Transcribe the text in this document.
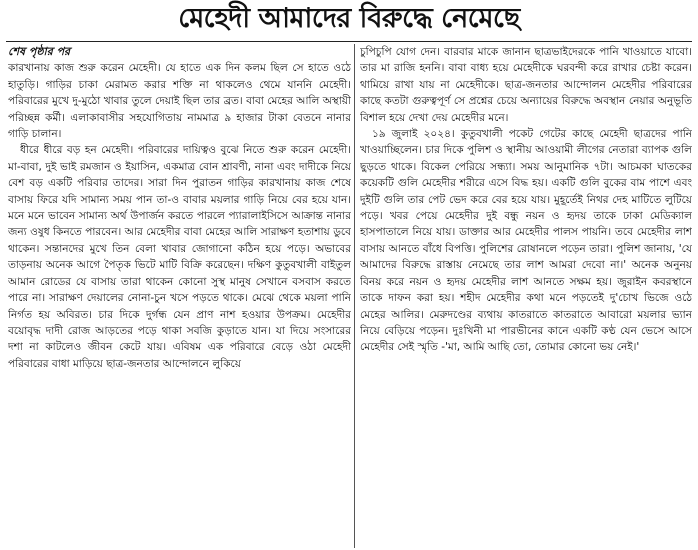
মেহেদী আমাদের বিরুদ্ধে নেমেছে
শেষ পৃষ্ঠার পর

কারখানায় কাজ শুরু করেন মেহেদী। যে হাতে এক দিন কলম ছিল সে হাতে ওঠে হাতুড়ি। গাড়ির চাকা মেরামত করার শক্তি না থাকলেও থেমে যাননি মেহেদী। পরিবারের মুখে দু-মুঠো খাবার তুলে দেয়াই ছিল তার ব্রত। বাবা মেহের আলি অস্থায়ী পরিচ্ছন্ন কর্মী। এলাকাবাসীর সহযোগিতায় নামমাত্র ৯ হাজার টাকা বেতনে নানার গাড়ি চালান।

ধীরে ধীরে বড় হন মেহেদী। পরিবারের দায়িত্বও বুঝে নিতে শুরু করেন মেহেদী। মা-বাবা, দুই ভাই রমজান ও ইয়াসিন, একমাত্র বোন শ্রাবণী, নানা এবং দাদীকে নিয়ে বেশ বড় একটি পরিবার তাদের। সারা দিন পুরাতন গাড়ির কারখানায় কাজ শেষে বাসায় ফিরে যদি সামান্য সময় পান তা-ও বাবার ময়লার গাড়ি নিয়ে বের হয়ে যান। মনে মনে ভাবেন সামান্য অর্থ উপার্জন করতে পারলে প্যারালাইসিসে আক্রান্ত নানার জন্য ওষুধ কিনতে পারবেন। আর মেহেদীর বাবা মেহের আলি সারাক্ষণ হতাশায় ডুবে থাকেন। সন্তানদের মুখে তিন বেলা খাবার জোগানো কঠিন হয়ে পড়ে। অভাবের তাড়নায় অনেক আগে পৈতৃক ভিটে মাটি বিক্রি করেছেন। দক্ষিণ কুতুবখালী বাইতুল আমান রোডের যে বাসায় তারা থাকেন কোনো সুস্থ মানুষ সেখানে বসবাস করতে পারে না। সারাক্ষণ দেয়ালের নোনা-চুন খসে পড়তে থাকে। মেঝে থেকে ময়লা পানি নির্গত হয় অবিরত। চার দিকে দুর্গন্ধ যেন প্রাণ নাশ হওয়ার উপক্রম। মেহেদীর বয়োবৃদ্ধ দাদী রোজ আড়তের পড়ে থাকা সবজি কুড়াতে যান। যা দিয়ে সংসারের দশা না কাটলেও জীবন কেটে যায়। এবিষম এক পরিবারে বেড়ে ওঠা মেহেদী পরিবারের বাধা মাড়িয়ে ছাত্র-জনতার আন্দোলনে লুকিয়ে

চুপিচুপি যোগ দেন। বারবার মাকে জানান ছাত্রভাইদেরকে পানি খাওয়াতে যাবো। তার মা রাজি হননি। বাবা বাধ্য হয়ে মেহেদীকে ঘরবন্দী করে রাখার চেষ্টা করেন। থামিয়ে রাখা যায় না মেহেদীকে। ছাত্র-জনতার আন্দোলন মেহেদীর পরিবারের কাছে কতটা গুরুত্বপূর্ণ সে প্রশ্নের চেয়ে অন্যায়ের বিরুদ্ধে অবস্থান নেয়ার অনুভূতি বিশাল হয়ে দেখা দেয় মেহেদীর মনে।

১৯ জুলাই ২০২৪। কুতুবখালী পকেট গেটের কাছে মেহেদী ছাত্রদের পানি খাওয়াচ্ছিলেন। চার দিকে পুলিশ ও স্থানীয় আওয়ামী লীগের নেতারা ব্যাপক গুলি ছুড়তে থাকে। বিকেল পেরিয়ে সন্ধ্যা। সময় আনুমানিক ৭টা। আচমকা ঘাতকের কয়েকটি গুলি মেহেদীর শরীরে এসে বিদ্ধ হয়। একটি গুলি বুকের বাম পাশে এবং দুইটি গুলি তার পেট ভেদ করে বের হয়ে যায়। মুহূর্তেই নিথর দেহ মাটিতে লুটিয়ে পড়ে। খবর পেয়ে মেহেদীর দুই বন্ধু নয়ন ও হৃদয় তাকে ঢাকা মেডিক্যাল হাসপাতালে নিয়ে যায়। ডাক্তার আর মেহেদীর পালস পায়নি। তবে মেহেদীর লাশ বাসায় আনতে বাঁধে বিপত্তি। পুলিশের রোষানলে পড়েন তারা। পুলিশ জানায়, 'যে আমাদের বিরুদ্ধে রাস্তায় নেমেছে তার লাশ আমরা দেবো না।' অনেক অনুনয় বিনয় করে নয়ন ও হৃদয় মেহেদীর লাশ আনতে সক্ষম হয়। জুরাইন কবরস্থানে তাকে দাফন করা হয়। শহীদ মেহেদীর কথা মনে পড়তেই দু'চোখ ভিজে ওঠে মেহের আলির। মেরুদণ্ডের ব্যথায় কাতরাতে কাতরাতে আবারো ময়লার ভ্যান নিয়ে বেড়িয়ে পড়েন। দুঃখিনী মা পারভীনের কানে একটি কণ্ঠ যেন ভেসে আসে মেহেদীর সেই স্মৃতি -'মা, আমি আছি তো, তোমার কোনো ভয় নেই।'
